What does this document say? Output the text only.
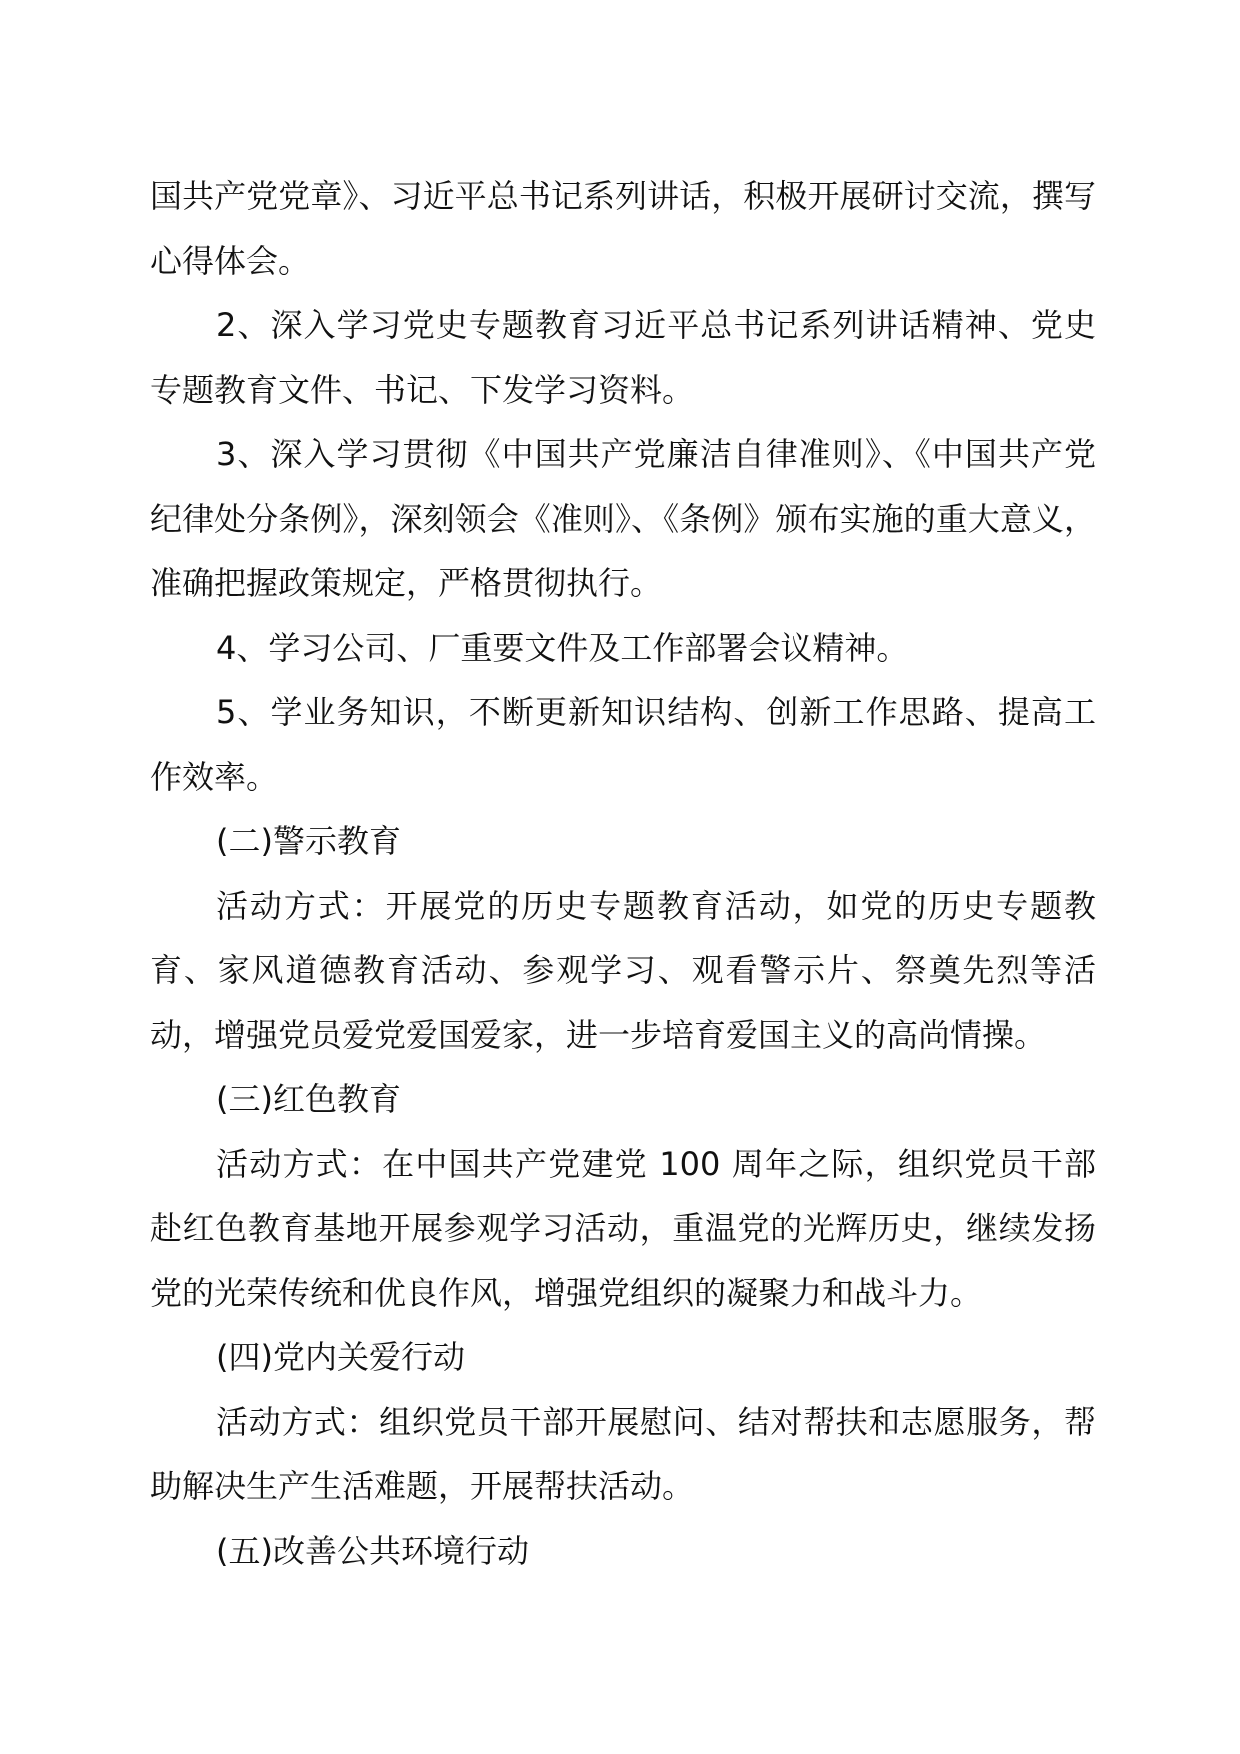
国共产党党章》、习近平总书记系列讲话，积极开展研讨交流，撰写心得体会。

2、深入学习党史专题教育习近平总书记系列讲话精神、党史专题教育文件、书记、下发学习资料。

3、深入学习贯彻《中国共产党廉洁自律准则》、《中国共产党纪律处分条例》，深刻领会《准则》、《条例》颁布实施的重大意义，准确把握政策规定，严格贯彻执行。

4、学习公司、厂重要文件及工作部署会议精神。

5、学业务知识，不断更新知识结构、创新工作思路、提高工作效率。

(二)警示教育

活动方式：开展党的历史专题教育活动，如党的历史专题教育、家风道德教育活动、参观学习、观看警示片、祭奠先烈等活动，增强党员爱党爱国爱家，进一步培育爱国主义的高尚情操。

(三)红色教育

活动方式：在中国共产党建党 100 周年之际，组织党员干部赴红色教育基地开展参观学习活动，重温党的光辉历史，继续发扬党的光荣传统和优良作风，增强党组织的凝聚力和战斗力。

(四)党内关爱行动

活动方式：组织党员干部开展慰问、结对帮扶和志愿服务，帮助解决生产生活难题，开展帮扶活动。

(五)改善公共环境行动
